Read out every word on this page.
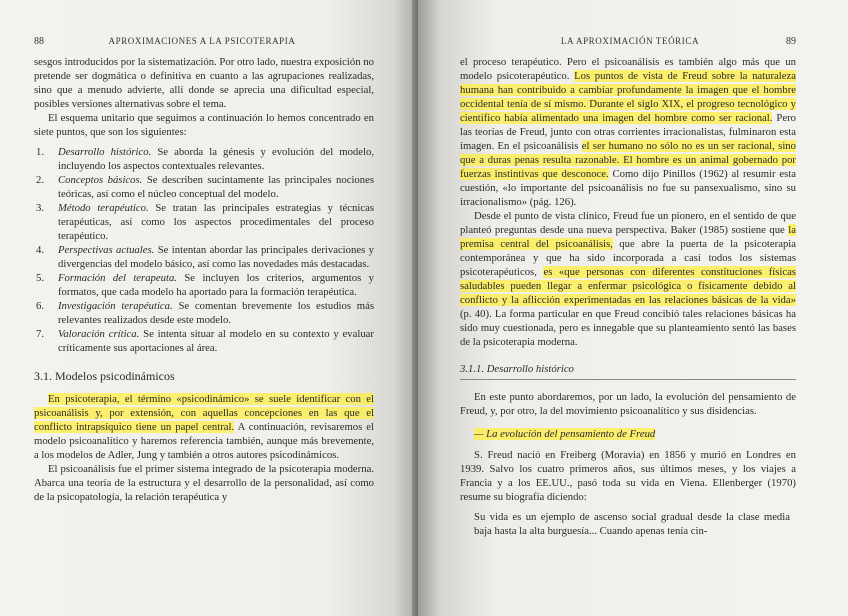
88	APROXIMACIONES A LA PSICOTERAPIA

sesgos introducidos por la sistematización. Por otro lado, nuestra exposición no pretende ser dogmática o definitiva en cuanto a las agrupaciones realizadas, sino que a menudo advierte, allí donde se aprecia una dificultad especial, posibles versiones alternativas sobre el tema.

El esquema unitario que seguimos a continuación lo hemos concentrado en siete puntos, que son los siguientes:

1.	Desarrollo histórico. Se aborda la génesis y evolución del modelo, incluyendo los aspectos contextuales relevantes.
2.	Conceptos básicos. Se describen sucintamente las principales nociones teóricas, así como el núcleo conceptual del modelo.
3.	Método terapéutico. Se tratan las principales estrategias y técnicas terapéuticas, así como los aspectos procedimentales del proceso terapéutico.
4.	Perspectivas actuales. Se intentan abordar las principales derivaciones y divergencias del modelo básico, así como las novedades más destacadas.
5.	Formación del terapeuta. Se incluyen los criterios, argumentos y formatos, que cada modelo ha aportado para la formación terapéutica.
6.	Investigación terapéutica. Se comentan brevemente los estudios más relevantes realizados desde este modelo.
7.	Valoración crítica. Se intenta situar al modelo en su contexto y evaluar críticamente sus aportaciones al área.
3.1. Modelos psicodinámicos

En psicoterapia, el término «psicodinámico» se suele identificar con el psicoanálisis y, por extensión, con aquellas concepciones en las que el conflicto intrapsíquico tiene un papel central. A continuación, revisaremos el modelo psicoanalítico y haremos referencia también, aunque más brevemente, a los modelos de Adler, Jung y también a otros autores psicodinámicos.

El psicoanálisis fue el primer sistema integrado de la psicoterapia moderna. Abarca una teoría de la estructura y el desarrollo de la personalidad, así como de la psicopatología, la relación terapéutica y

LA APROXIMACIÓN TEÓRICA	89

el proceso terapéutico. Pero el psicoanálisis es también algo más que un modelo psicoterapéutico. Los puntos de vista de Freud sobre la naturaleza humana han contribuido a cambiar profundamente la imagen que el hombre occidental tenía de sí mismo. Durante el siglo XIX, el progreso tecnológico y científico había alimentado una imagen del hombre como ser racional. Pero las teorías de Freud, junto con otras corrientes irracionalistas, fulminaron esta imagen. En el psicoanálisis el ser humano no sólo no es un ser racional, sino que a duras penas resulta razonable. El hombre es un animal gobernado por fuerzas instintivas que desconoce. Como dijo Pinillos (1962) al resumir esta cuestión, «lo importante del psicoanálisis no fue su pansexualismo, sino su irracionalismo» (pág. 126).

Desde el punto de vista clínico, Freud fue un pionero, en el sentido de que planteó preguntas desde una nueva perspectiva. Baker (1985) sostiene que la premisa central del psicoanálisis, que abre la puerta de la psicoterapia contemporánea y que ha sido incorporada a casi todos los sistemas psicoterapéuticos, es «que personas con diferentes constituciones físicas saludables pueden llegar a enfermar psicológica o físicamente debido al conflicto y la aflicción experimentadas en las relaciones básicas de la vida» (p. 40). La forma particular en que Freud concibió tales relaciones básicas ha sido muy cuestionada, pero es innegable que su planteamiento sentó las bases de la psicoterapia moderna.

3.1.1. Desarrollo histórico

En este punto abordaremos, por un lado, la evolución del pensamiento de Freud, y, por otro, la del movimiento psicoanalítico y sus disidencias.

— La evolución del pensamiento de Freud

S. Freud nació en Freiberg (Moravia) en 1856 y murió en Londres en 1939. Salvo los cuatro primeros años, sus últimos meses, y los viajes a Francia y a los EE.UU., pasó toda su vida en Viena. Ellenberger (1970) resume su biografía diciendo:

Su vida es un ejemplo de ascenso social gradual desde la clase media baja hasta la alta burguesía... Cuando apenas tenía cin-
